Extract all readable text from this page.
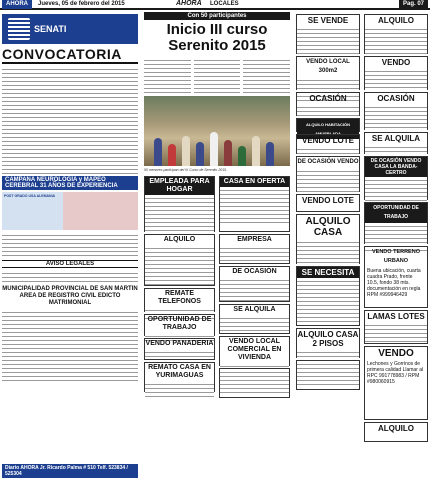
AHORA	Jueves, 05 de febrero del 2015	AHORA LOCALES	Pag. 07
SENATI
CONVOCATORIA
CAMPAÑA NEUROLOGÍA y MAPEO CEREBRAL 31 AÑOS DE EXPERIENCIA
POST GRADO USA ALEMANIA
AVISO LEGALES
MUNICIPALIDAD PROVINCIAL DE SAN MARTIN AREA DE REGISTRO CIVIL EDICTO MATRIMONIAL
Diario AHORA Jr. Ricardo Palma # 510 Telf. 523834 / 525304
Con 50 participantes
Inicio III curso Serenito 2015
50 menores participan del III Curso de Serenito 2015.
EMPLEADA PARA HOGAR
ALQUILO
REMATE TELEFONOS
OPORTUNIDAD DE TRABAJO
VENDO PANADERIA
REMATO CASA EN YURIMAGUAS
CASA EN OFERTA
EMPRESA
DE OCASIÓN
SE ALQUILA
VENDO LOCAL COMERCIAL EN VIVIENDA
SE VENDE
VENDO LOCAL 300m2
OCASIÓN
ALQUILO HABITACIÓN AMUEBLADA
VENDO LOTE
DE OCASIÓN VENDO
VENDO LOTE
ALQUILO CASA
SE NECESITA
ALQUILO CASA 2 PISOS
ALQUILO
VENDO
OCASIÓN
SE ALQUILA
DE OCASIÓN VENDO CASA LA BANDA-CERTRO
OPORTUNIDAD DE TRABAJO
VENDO TERRENO URBANO
Buena ubicación, cuarta cuadra Prado, frente 10.5, fondo 38 mts. documentación en regla RPM #999946429
LAMAS LOTES
VENDO
Lechones y Gorrinos de primera calidad Llamar al RPC 991778983 / RPM #980060915
ALQUILO
